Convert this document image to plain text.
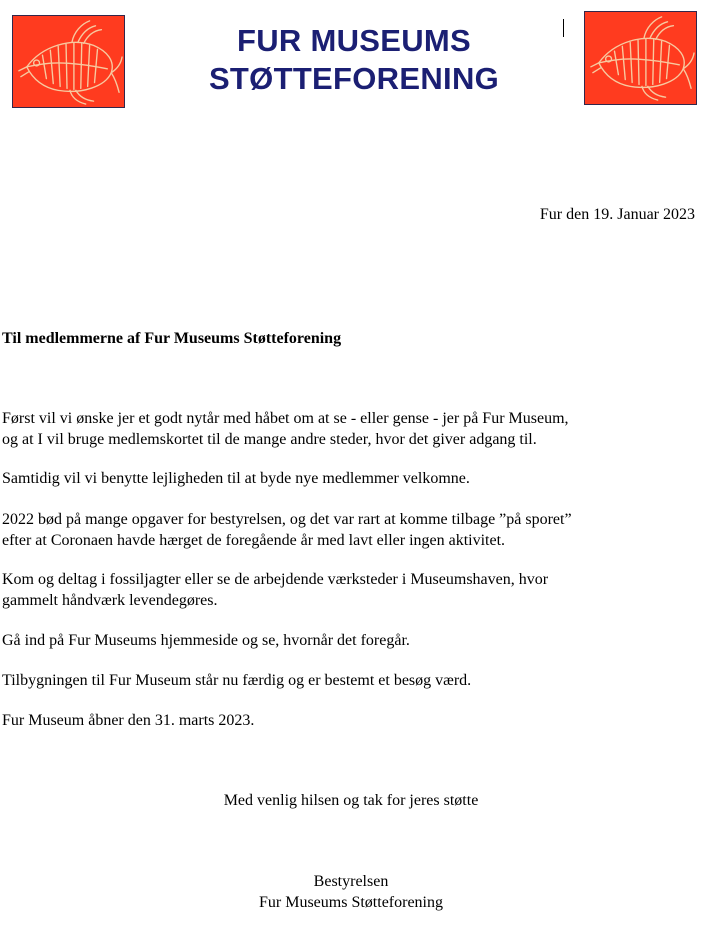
FUR MUSEUMS
STØTTEFORENING
Fur den 19. Januar 2023
Til medlemmerne af Fur Museums Støtteforening
Først vil vi ønske jer et godt nytår med håbet om at se - eller gense - jer på Fur Museum,
og at I vil bruge medlemskortet til de mange andre steder, hvor det giver adgang til.
Samtidig vil vi benytte lejligheden til at byde nye medlemmer velkomne.
2022 bød på mange opgaver for bestyrelsen, og det var rart at komme tilbage ”på sporet”
efter at Coronaen havde hærget de foregående år med lavt eller ingen aktivitet.
Kom og deltag i fossiljagter eller se de arbejdende værksteder i Museumshaven, hvor
gammelt håndværk levendegøres.
Gå ind på Fur Museums hjemmeside og se, hvornår det foregår.
Tilbygningen til Fur Museum står nu færdig og er bestemt et besøg værd.
Fur Museum åbner den 31. marts 2023.
Med venlig hilsen og tak for jeres støtte
Bestyrelsen
Fur Museums Støtteforening
